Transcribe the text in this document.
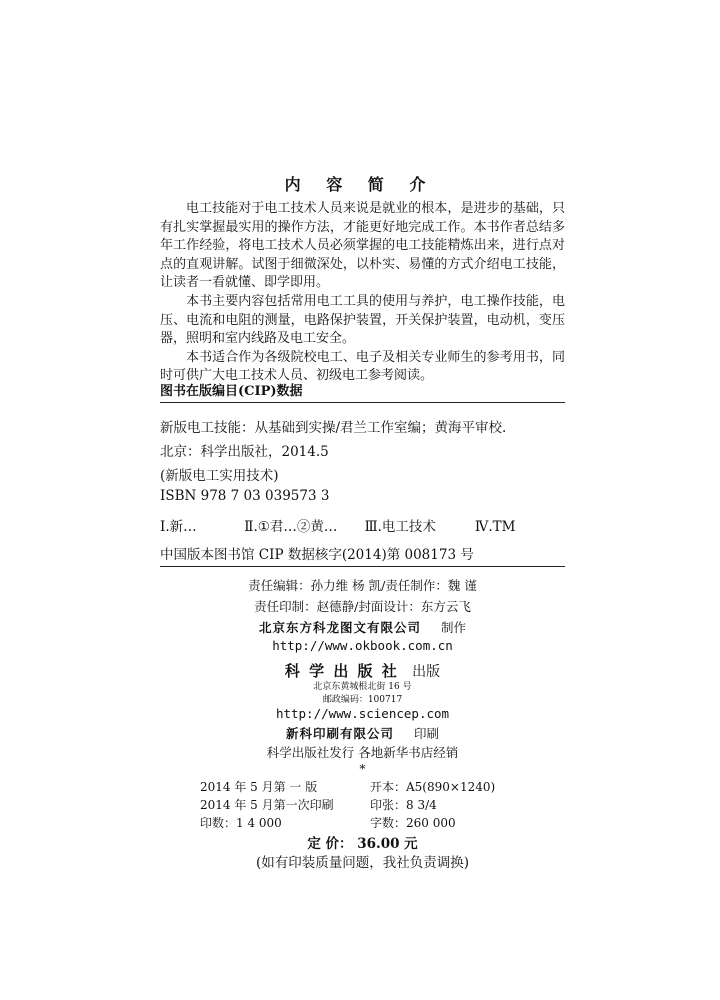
内 容 简 介

电工技能对于电工技术人员来说是就业的根本，是进步的基础，只有扎实掌握最实用的操作方法，才能更好地完成工作。本书作者总结多年工作经验，将电工技术人员必须掌握的电工技能精炼出来，进行点对点的直观讲解。试图于细微深处，以朴实、易懂的方式介绍电工技能，让读者一看就懂、即学即用。

本书主要内容包括常用电工工具的使用与养护，电工操作技能，电压、电流和电阻的测量，电路保护装置，开关保护装置，电动机，变压器，照明和室内线路及电工安全。

本书适合作为各级院校电工、电子及相关专业师生的参考用书，同时可供广大电工技术人员、初级电工参考阅读。

图书在版编目(CIP)数据
新版电工技能：从基础到实操/君兰工作室编；黄海平审校.
北京：科学出版社，2014.5
(新版电工实用技术)
ISBN 978 7 03 039573 3
Ⅰ.新…	Ⅱ.①君…②黄… Ⅲ.电工技术	Ⅳ.TM
中国版本图书馆 CIP 数据核字(2014)第 008173 号
责任编辑：孙力维 杨 凯/责任制作：魏 谨
责任印制：赵德静/封面设计：东方云飞
北京东方科龙图文有限公司 制作
http://www.okbook.com.cn
科 学 出 版 社 出版
北京东黄城根北街 16 号
邮政编码：100717
http://www.sciencep.com
新科印刷有限公司 印刷
科学出版社发行 各地新华书店经销
*
2014 年 5 月第 一 版	开本：A5(890×1240)
2014 年 5 月第一次印刷	印张：8 3/4
印数：1 4 000	字数：260 000
定 价： 36.00 元
(如有印装质量问题，我社负责调换)
